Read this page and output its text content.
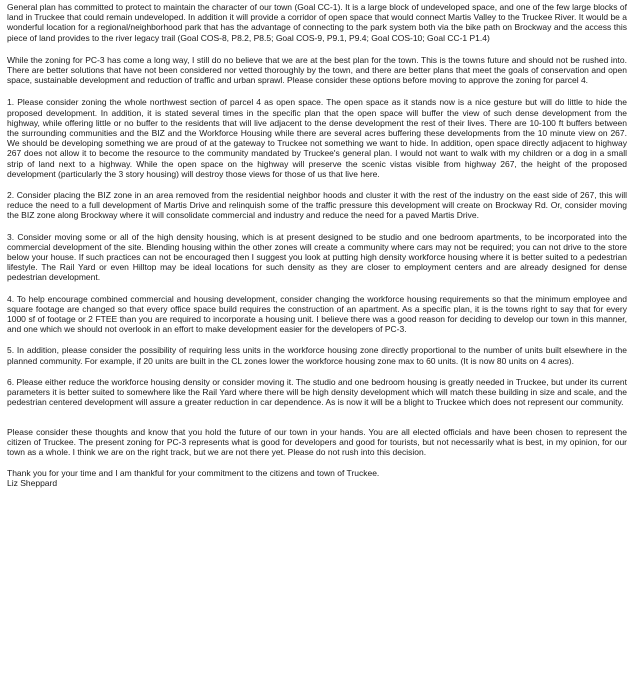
General plan has committed to protect to maintain the character of our town (Goal CC-1). It is a large block of undeveloped space, and one of the few large blocks of land in Truckee that could remain undeveloped. In addition it will provide a corridor of open space that would connect Martis Valley to the Truckee River. It would be a wonderful location for a regional/neighborhood park that has the advantage of connecting to the park system both via the bike path on Brockway and the access this piece of land provides to the river legacy trail (Goal COS-8, P8.2, P8.5; Goal COS-9, P9.1, P9.4; Goal COS-10; Goal CC-1 P1.4)

While the zoning for PC-3 has come a long way, I still do no believe that we are at the best plan for the town. This is the towns future and should not be rushed into. There are better solutions that have not been considered nor vetted thoroughly by the town, and there are better plans that meet the goals of conservation and open space, sustainable development and reduction of traffic and urban sprawl. Please consider these options before moving to approve the zoning for parcel 4.

1. Please consider zoning the whole northwest section of parcel 4 as open space. The open space as it stands now is a nice gesture but will do little to hide the proposed development. In addition, it is stated several times in the specific plan that the open space will buffer the view of such dense development from the highway, while offering little or no buffer to the residents that will live adjacent to the dense development the rest of their lives. There are 10-100 ft buffers between the surrounding communities and the BIZ and the Workforce Housing while there are several acres buffering these developments from the 10 minute view on 267. We should be developing something we are proud of at the gateway to Truckee not something we want to hide. In addition, open space directly adjacent to highway 267 does not allow it to become the resource to the community mandated by Truckee's general plan. I would not want to walk with my children or a dog in a small strip of land next to a highway. While the open space on the highway will preserve the scenic vistas visible from highway 267, the height of the proposed development (particularly the 3 story housing) will destroy those views for those of us that live here.

2. Consider placing the BIZ zone in an area removed from the residential neighbor hoods and cluster it with the rest of the industry on the east side of 267, this will reduce the need to a full development of Martis Drive and relinquish some of the traffic pressure this development will create on Brockway Rd. Or, consider moving the BIZ zone along Brockway where it will consolidate commercial and industry and reduce the need for a paved Martis Drive.

3. Consider moving some or all of the high density housing, which is at present designed to be studio and one bedroom apartments, to be incorporated into the commercial development of the site. Blending housing within the other zones will create a community where cars may not be required; you can not drive to the store below your house. If such practices can not be encouraged then I suggest you look at putting high density workforce housing where it is better suited to a pedestrian lifestyle. The Rail Yard or even Hilltop may be ideal locations for such density as they are closer to employment centers and are already designed for dense pedestrian development.

4. To help encourage combined commercial and housing development, consider changing the workforce housing requirements so that the minimum employee and square footage are changed so that every office space build requires the construction of an apartment. As a specific plan, it is the towns right to say that for every 1000 sf of footage or 2 FTEE than you are required to incorporate a housing unit. I believe there was a good reason for deciding to develop our town in this manner, and one which we should not overlook in an effort to make development easier for the developers of PC-3.

5. In addition, please consider the possibility of requiring less units in the workforce housing zone directly proportional to the number of units built elsewhere in the planned community. For example, if 20 units are built in the CL zones lower the workforce housing zone max to 60 units. (It is now 80 units on 4 acres).

6. Please either reduce the workforce housing density or consider moving it. The studio and one bedroom housing is greatly needed in Truckee, but under its current parameters it is better suited to somewhere like the Rail Yard where there will be high density development which will match these building in size and scale, and the pedestrian centered development will assure a greater reduction in car dependence. As is now it will be a blight to Truckee which does not represent our community.

Please consider these thoughts and know that you hold the future of our town in your hands. You are all elected officials and have been chosen to represent the citizen of Truckee. The present zoning for PC-3 represents what is good for developers and good for tourists, but not necessarily what is best, in my opinion, for our town as a whole. I think we are on the right track, but we are not there yet. Please do not rush into this decision.

Thank you for your time and I am thankful for your commitment to the citizens and town of Truckee.

Liz Sheppard
